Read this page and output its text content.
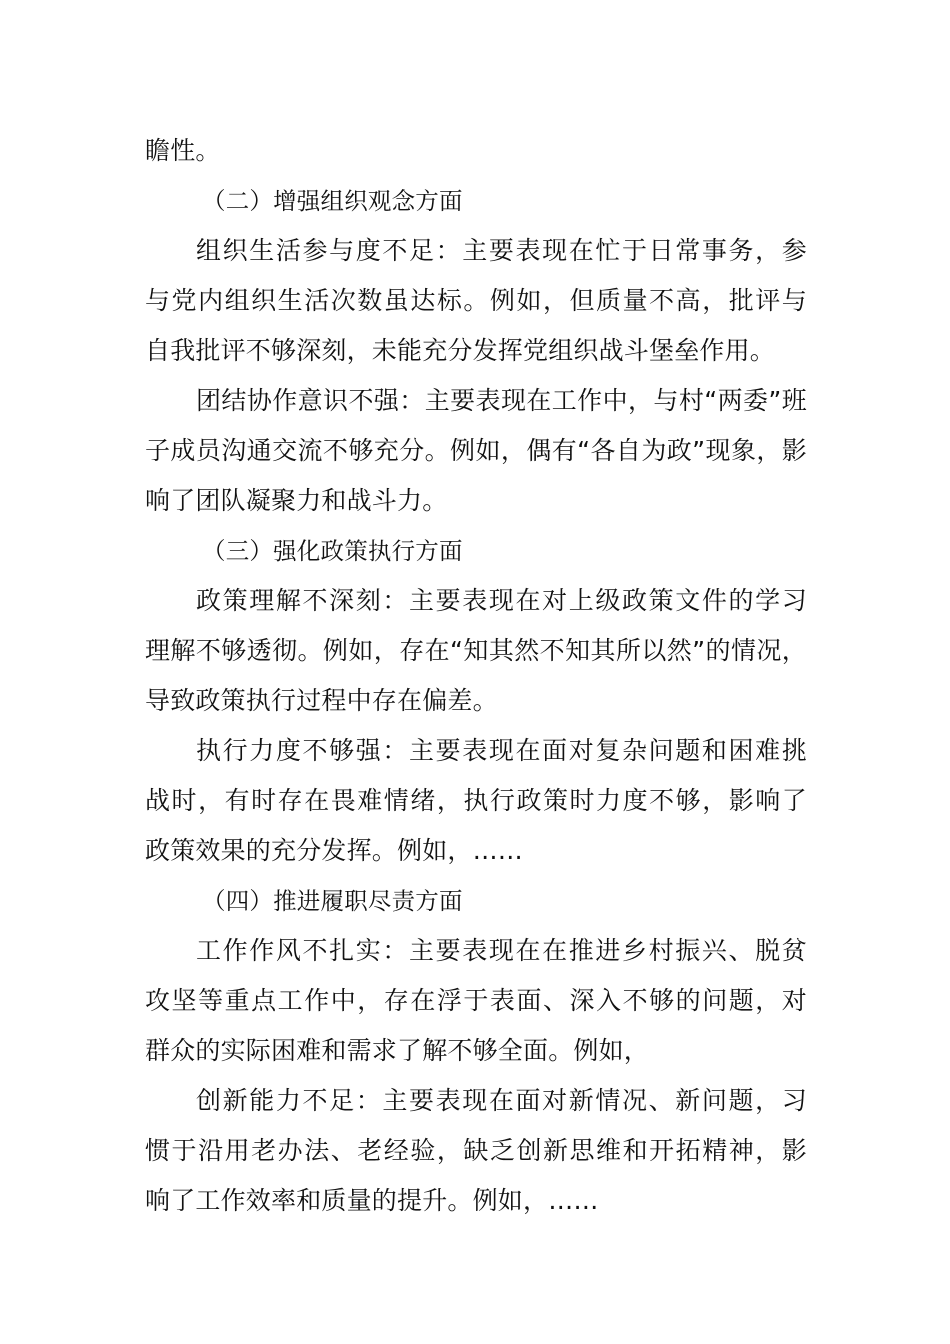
瞻性。
（二）增强组织观念方面
组织生活参与度不足：主要表现在忙于日常事务，参
与党内组织生活次数虽达标。例如，但质量不高，批评与
自我批评不够深刻，未能充分发挥党组织战斗堡垒作用。
团结协作意识不强：主要表现在工作中，与村“两委”班
子成员沟通交流不够充分。例如，偶有“各自为政”现象，影
响了团队凝聚力和战斗力。
（三）强化政策执行方面
政策理解不深刻：主要表现在对上级政策文件的学习
理解不够透彻。例如，存在“知其然不知其所以然”的情况，
导致政策执行过程中存在偏差。
执行力度不够强：主要表现在面对复杂问题和困难挑
战时，有时存在畏难情绪，执行政策时力度不够，影响了
政策效果的充分发挥。例如，……
（四）推进履职尽责方面
工作作风不扎实：主要表现在在推进乡村振兴、脱贫
攻坚等重点工作中，存在浮于表面、深入不够的问题，对
群众的实际困难和需求了解不够全面。例如，
创新能力不足：主要表现在面对新情况、新问题，习
惯于沿用老办法、老经验，缺乏创新思维和开拓精神，影
响了工作效率和质量的提升。例如，……
